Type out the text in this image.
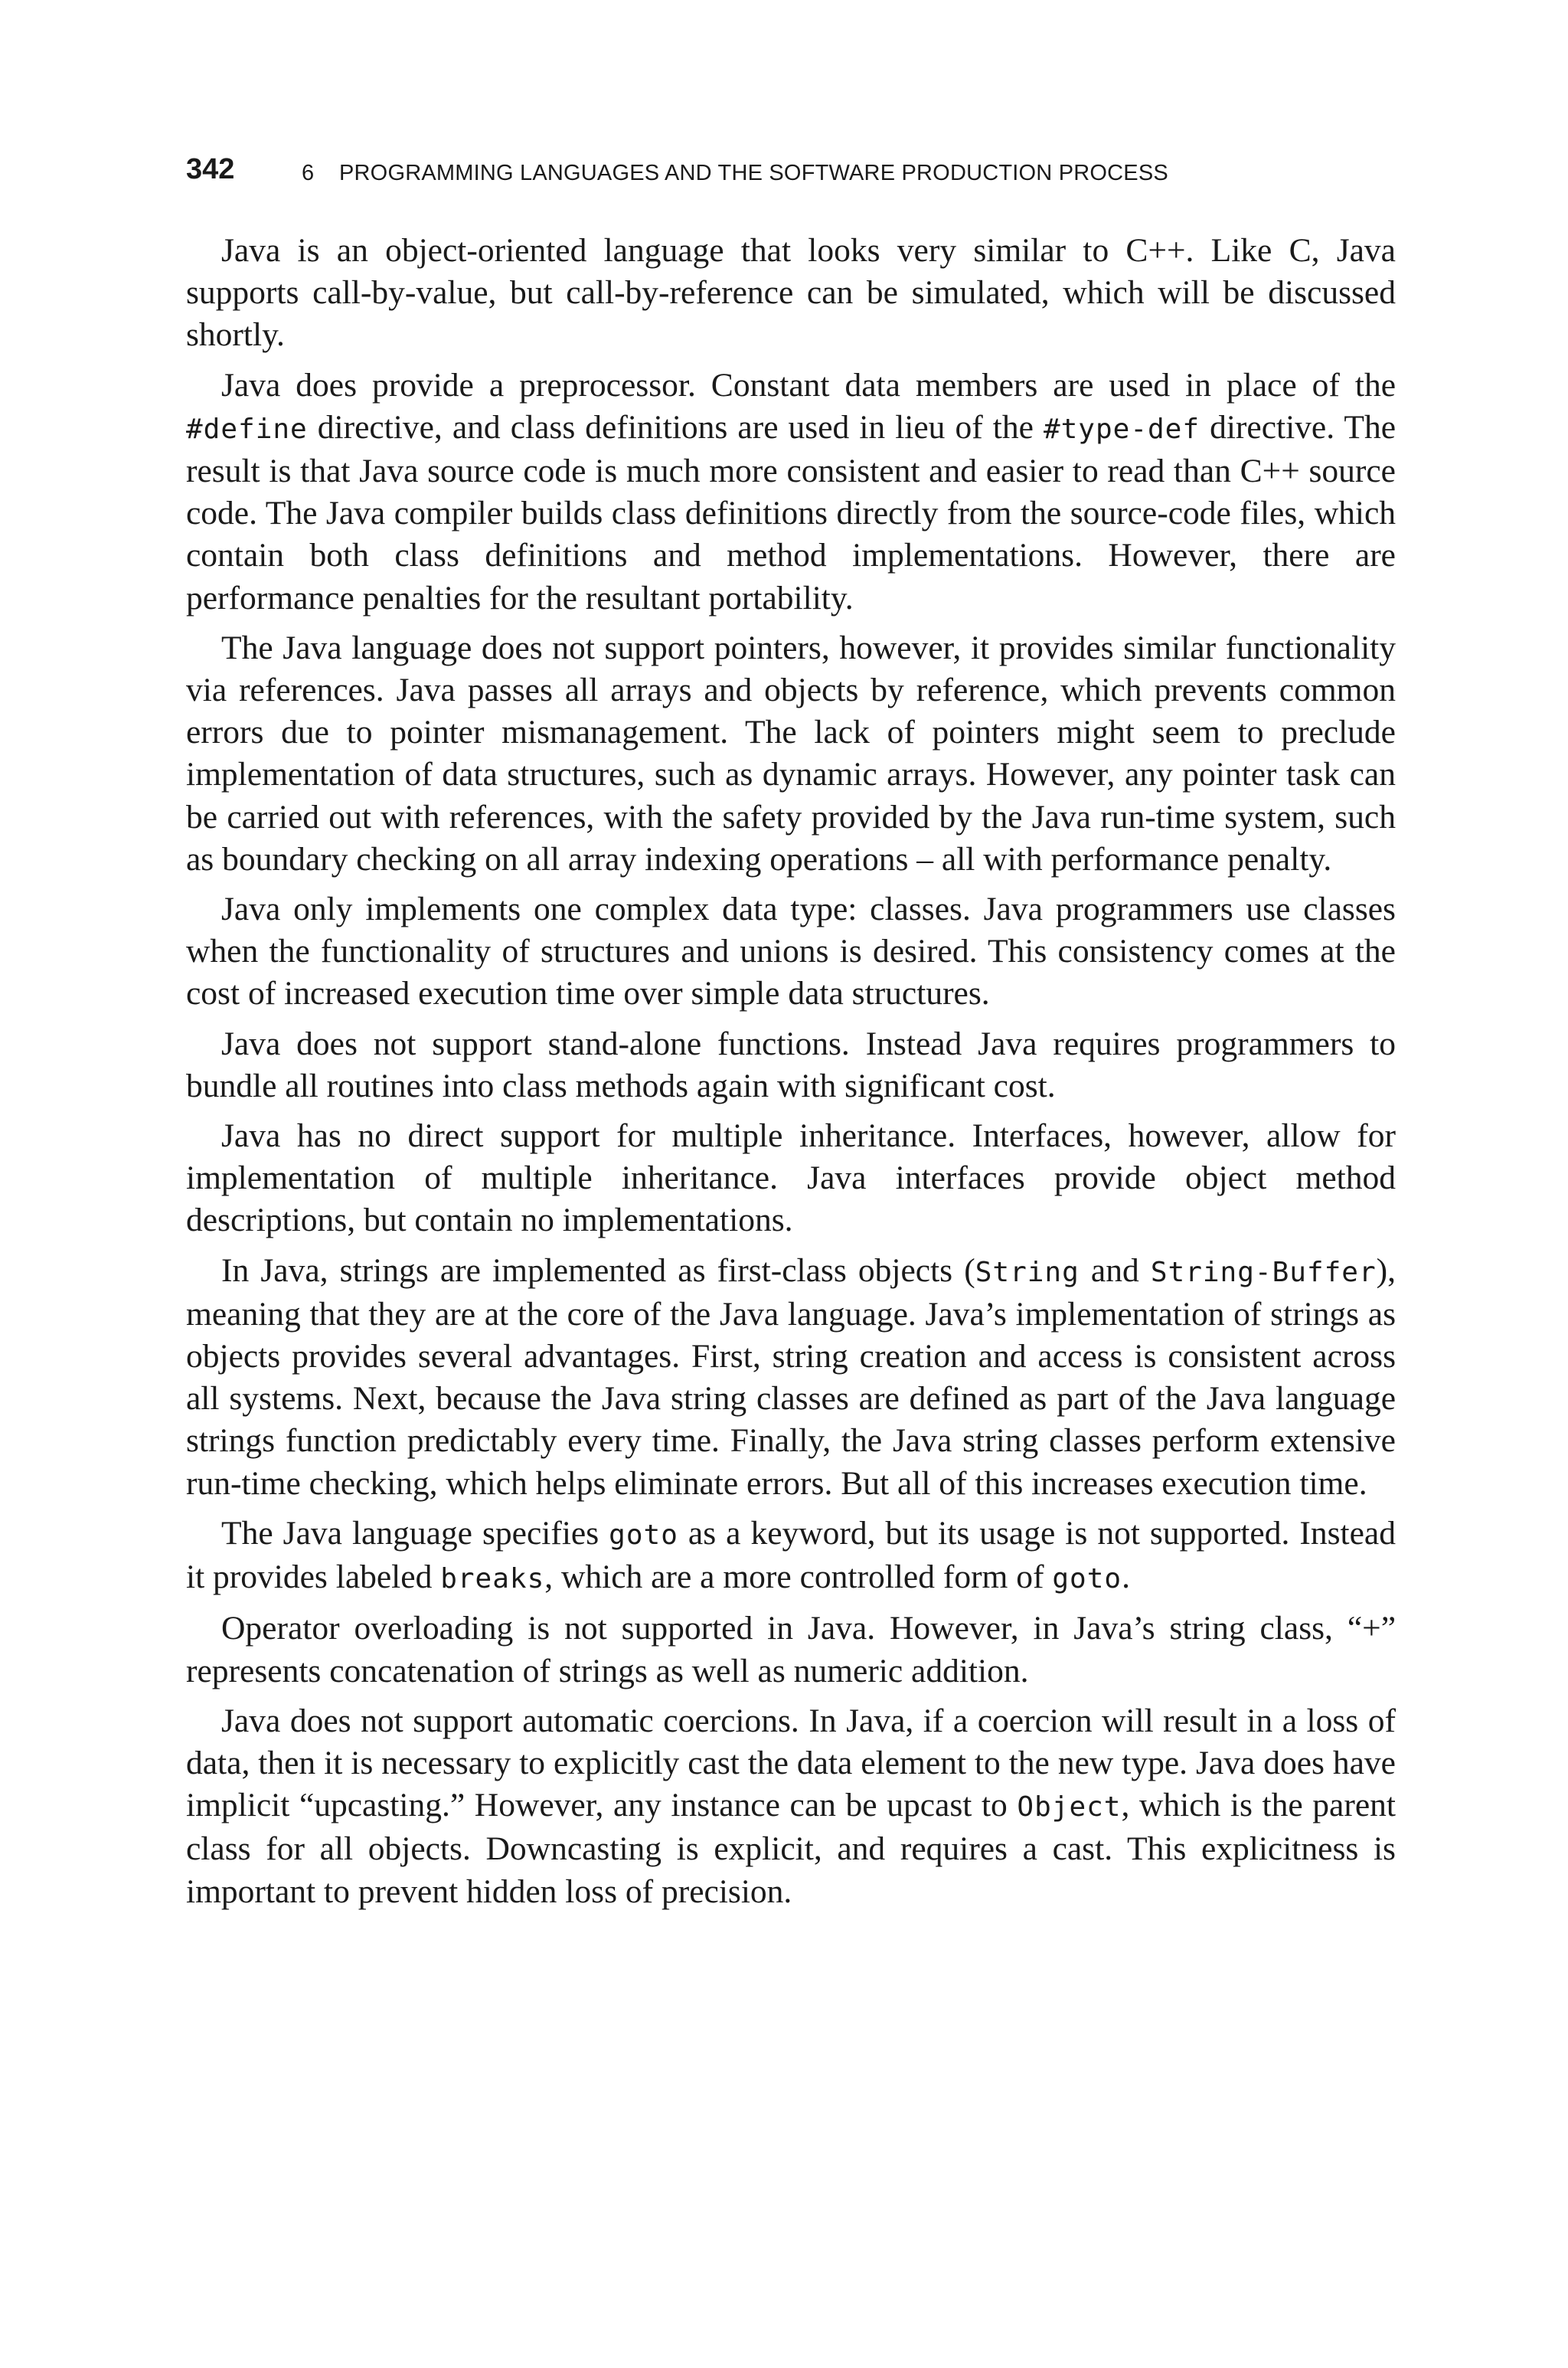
342	6 PROGRAMMING LANGUAGES AND THE SOFTWARE PRODUCTION PROCESS

Java is an object-oriented language that looks very similar to C++. Like C, Java supports call-by-value, but call-by-reference can be simulated, which will be discussed shortly.

Java does provide a preprocessor. Constant data members are used in place of the #define directive, and class definitions are used in lieu of the #type-def directive. The result is that Java source code is much more consistent and easier to read than C++ source code. The Java compiler builds class definitions directly from the source-code files, which contain both class definitions and method implementations. However, there are performance penalties for the resultant portability.

The Java language does not support pointers, however, it provides similar functionality via references. Java passes all arrays and objects by reference, which prevents common errors due to pointer mismanagement. The lack of pointers might seem to preclude implementation of data structures, such as dynamic arrays. However, any pointer task can be carried out with references, with the safety provided by the Java run-time system, such as boundary checking on all array indexing operations – all with performance penalty.

Java only implements one complex data type: classes. Java programmers use classes when the functionality of structures and unions is desired. This consistency comes at the cost of increased execution time over simple data structures.

Java does not support stand-alone functions. Instead Java requires programmers to bundle all routines into class methods again with significant cost.

Java has no direct support for multiple inheritance. Interfaces, however, allow for implementation of multiple inheritance. Java interfaces provide object method descriptions, but contain no implementations.

In Java, strings are implemented as first-class objects (String and String-Buffer), meaning that they are at the core of the Java language. Java’s implementation of strings as objects provides several advantages. First, string creation and access is consistent across all systems. Next, because the Java string classes are defined as part of the Java language strings function predictably every time. Finally, the Java string classes perform extensive run-time checking, which helps eliminate errors. But all of this increases execution time.

The Java language specifies goto as a keyword, but its usage is not supported. Instead it provides labeled breaks, which are a more controlled form of goto.

Operator overloading is not supported in Java. However, in Java’s string class, “+” represents concatenation of strings as well as numeric addition.

Java does not support automatic coercions. In Java, if a coercion will result in a loss of data, then it is necessary to explicitly cast the data element to the new type. Java does have implicit “upcasting.” However, any instance can be upcast to Object, which is the parent class for all objects. Downcasting is explicit, and requires a cast. This explicitness is important to prevent hidden loss of precision.
